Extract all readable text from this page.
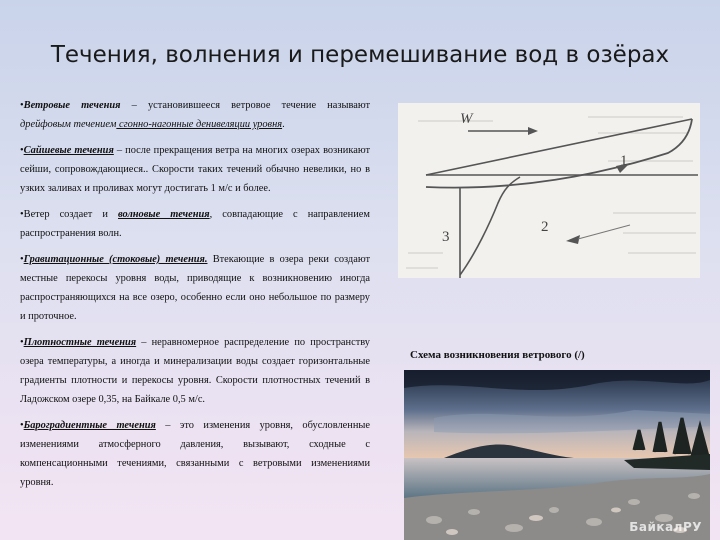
Течения, волнения и перемешивание вод в озёрах

•Ветровые течения – установившееся ветровое течение называют дрейфовым течением сгонно-нагонные денивеляции уровня.

•Сайшевые течения – после прекращения ветра на многих озерах возникают сейши, сопровождающиеся.. Скорости таких течений обычно невелики, но в узких заливах и проливах могут достигать 1 м/с и более.

•Ветер создает и волновые течения, совпадающие с направлением распространения волн.

•Гравитационные (стоковые) течения. Втекающие в озера реки создают местные перекосы уровня воды, приводящие к возникновению иногда распространяющихся на все озеро, особенно если оно небольшое по размеру и проточное.

•Плотностные течения – неравномерное распределение по пространству озера температуры, а иногда и минерализации воды создает горизонтальные градиенты плотности и перекосы уровня. Скорости плотностных течений в Ладожском озере 0,35, на Байкале 0,5 м/с.

•Бароградиентные течения – это изменения уровня, обусловленные изменениями атмосферного давления, вызывают, сходные с компенсационными течениями, связанными с ветровыми изменениями уровня.

W
1
2
3
Схема возникновения ветрового (/)
БайкалРУ
